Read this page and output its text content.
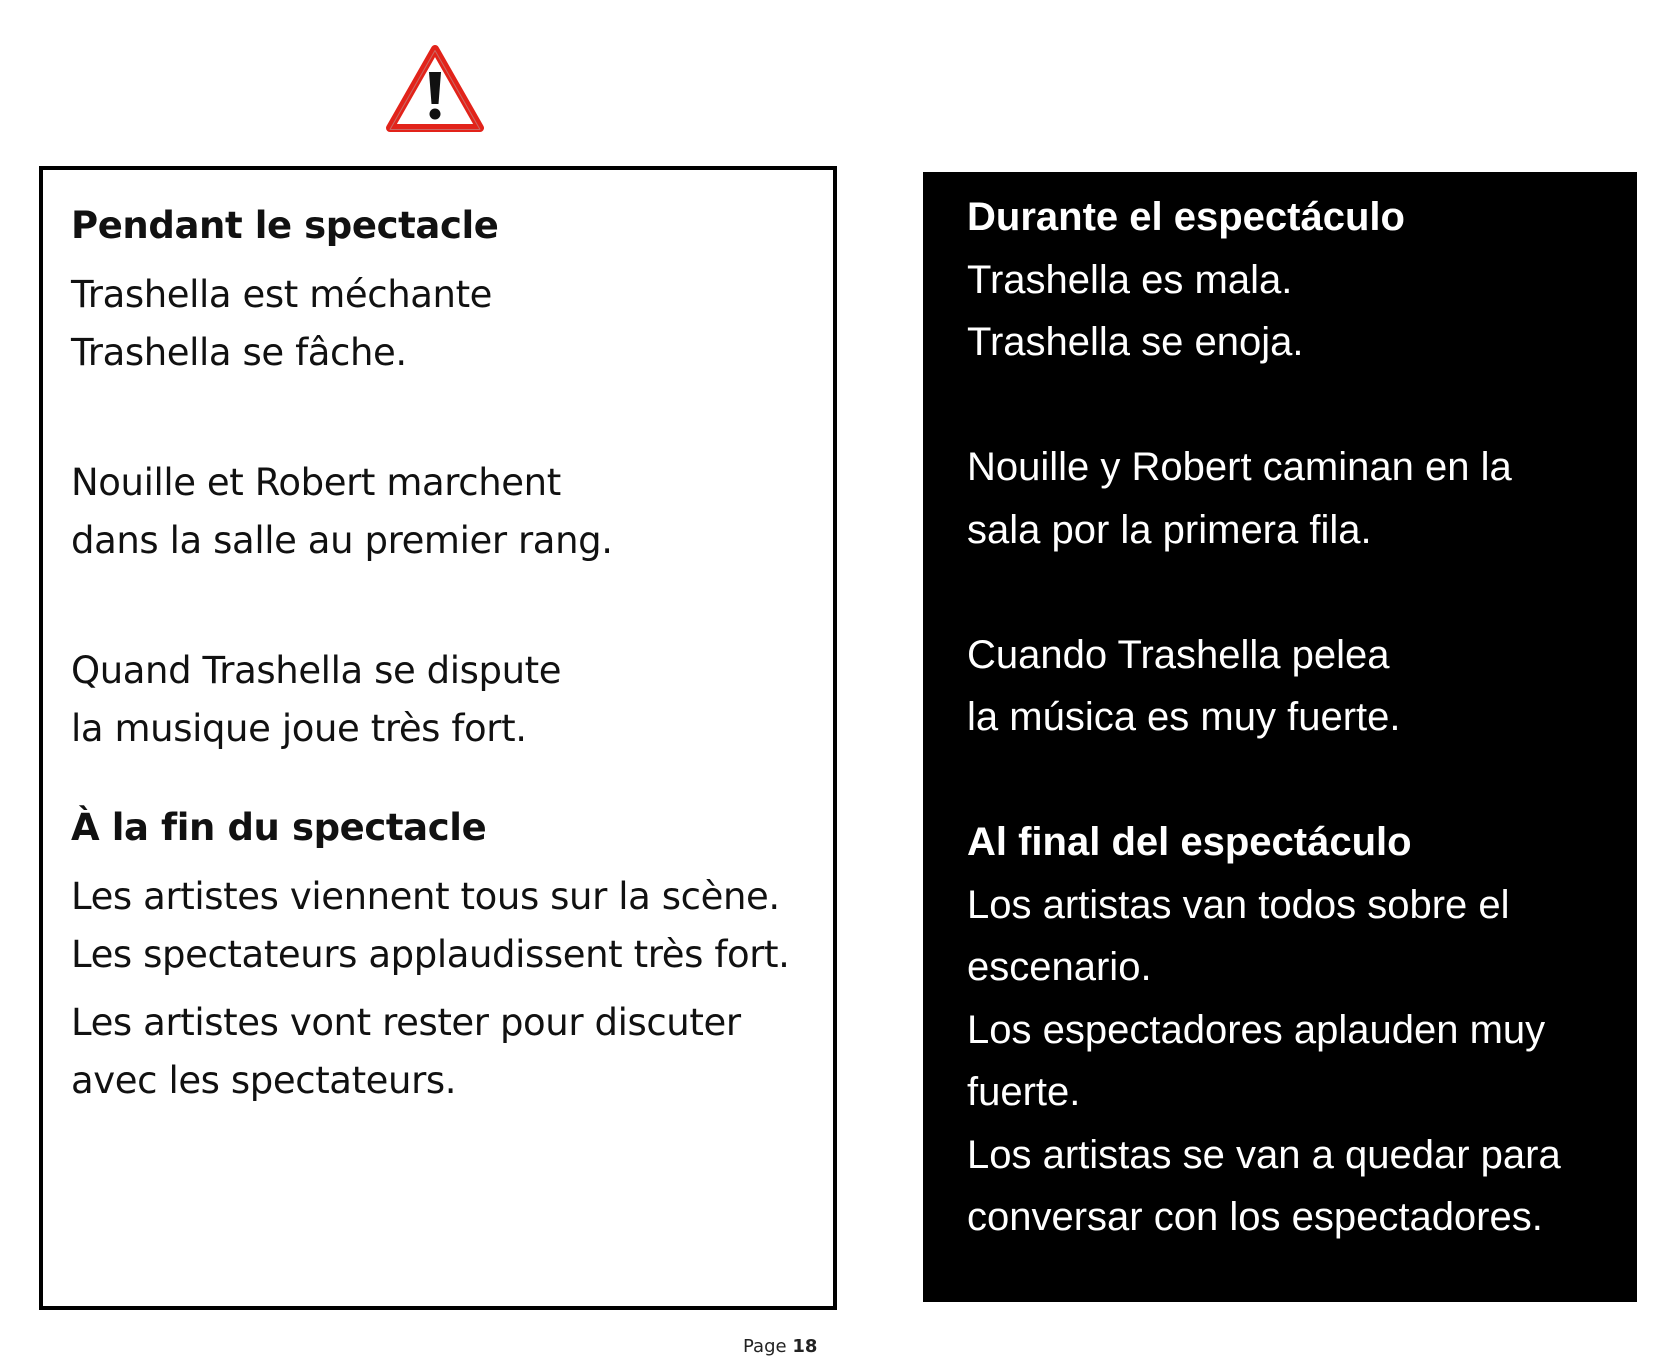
Pendant le spectacle

Trashella est méchante

Trashella se fâche.

Nouille et Robert marchent

dans la salle au premier rang.

Quand Trashella se dispute

la musique joue très fort.

À la fin du spectacle

Les artistes viennent tous sur la scène.

Les spectateurs applaudissent très fort.

Les artistes vont rester pour discuter

avec les spectateurs.

Durante el espectáculo

Trashella es mala.

Trashella se enoja.

Nouille y Robert caminan en la

sala por la primera fila.

Cuando Trashella pelea

la música es muy fuerte.

Al final del espectáculo

Los artistas van todos sobre el

escenario.

Los espectadores aplauden muy

fuerte.

Los artistas se van a quedar para

conversar con los espectadores.

Page 18
